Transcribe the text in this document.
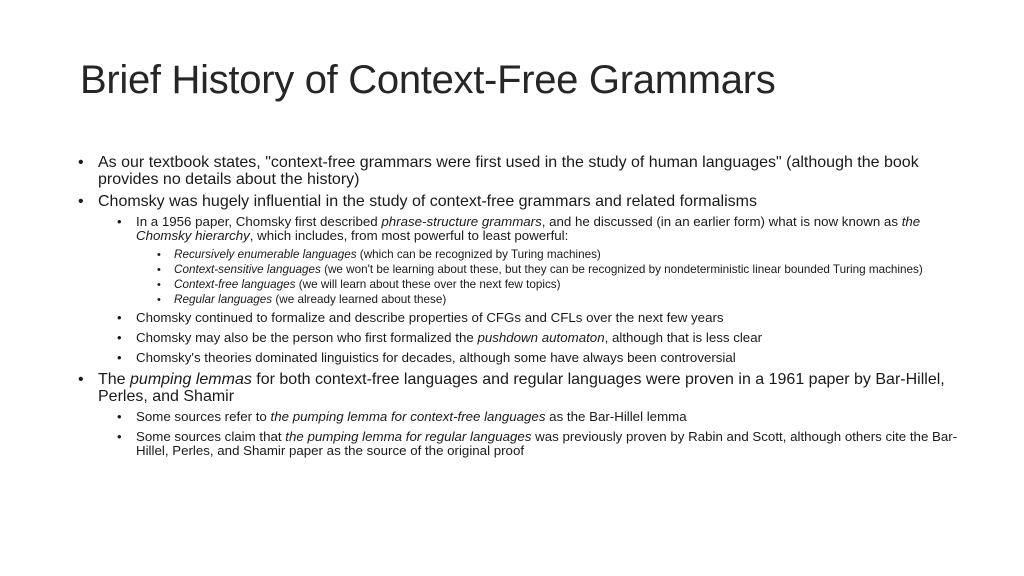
Brief History of Context-Free Grammars
• As our textbook states, "context-free grammars were first used in the study of human languages" (although the book provides no details about the history)
• Chomsky was hugely influential in the study of context-free grammars and related formalisms
• In a 1956 paper, Chomsky first described phrase-structure grammars, and he discussed (in an earlier form) what is now known as the Chomsky hierarchy, which includes, from most powerful to least powerful:
• Recursively enumerable languages (which can be recognized by Turing machines)
• Context-sensitive languages (we won't be learning about these, but they can be recognized by nondeterministic linear bounded Turing machines)
• Context-free languages (we will learn about these over the next few topics)
• Regular languages (we already learned about these)
• Chomsky continued to formalize and describe properties of CFGs and CFLs over the next few years
• Chomsky may also be the person who first formalized the pushdown automaton, although that is less clear
• Chomsky's theories dominated linguistics for decades, although some have always been controversial
• The pumping lemmas for both context-free languages and regular languages were proven in a 1961 paper by Bar-Hillel, Perles, and Shamir
• Some sources refer to the pumping lemma for context-free languages as the Bar-Hillel lemma
• Some sources claim that the pumping lemma for regular languages was previously proven by Rabin and Scott, although others cite the Bar-Hillel, Perles, and Shamir paper as the source of the original proof
